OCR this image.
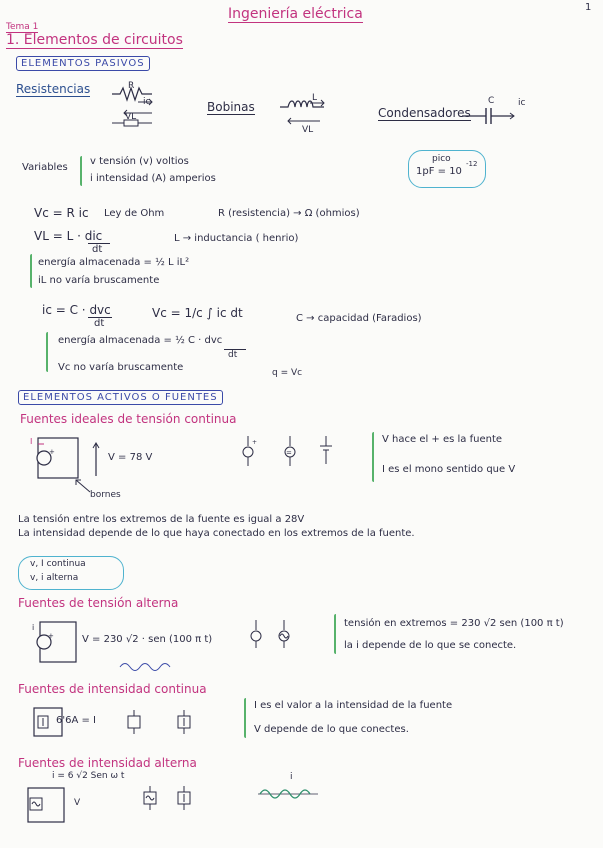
1
Ingeniería eléctrica
Tema 1
1. Elementos de circuitos
ELEMENTOS PASIVOS
Resistencias	R
ic
VL
Bobinas
L
VL
Condensadores
C	ic
pico
1pF = 10
-12
Variables
v tensión (v) voltios
i intensidad (A) amperios
Vc = R ic Ley de Ohm	R (resistencia) → Ω (ohmios)
VL = L · dic
dt
L → inductancia ( henrio)
energía almacenada = ½ L iL²
iL no varía bruscamente
ic = C · dvc
dt
Vc = 1/c ∫ ic dt	C → capacidad (Faradios)
energía almacenada = ½ C · dvc
dt
Vc no varía bruscamente	q = Vc
ELEMENTOS ACTIVOS O FUENTES
Fuentes ideales de tensión continua
+
I
V = 78 V
bornes
+
=
V hace el + es la fuente
I es el mono sentido que V
La tensión entre los extremos de la fuente es igual a 28V
La intensidad depende de lo que haya conectado en los extremos de la fuente.
v, I continua
v, i alterna
Fuentes de tensión alterna
+
i
V = 230 √2 · sen (100 π t)
tensión en extremos = 230 √2 sen (100 π t)
la i depende de lo que se conecte.
Fuentes de intensidad continua
6'6A = I
I es el valor a la intensidad de la fuente
V depende de lo que conectes.
Fuentes de intensidad alterna
i = 6 √2 Sen ω t
V
i
